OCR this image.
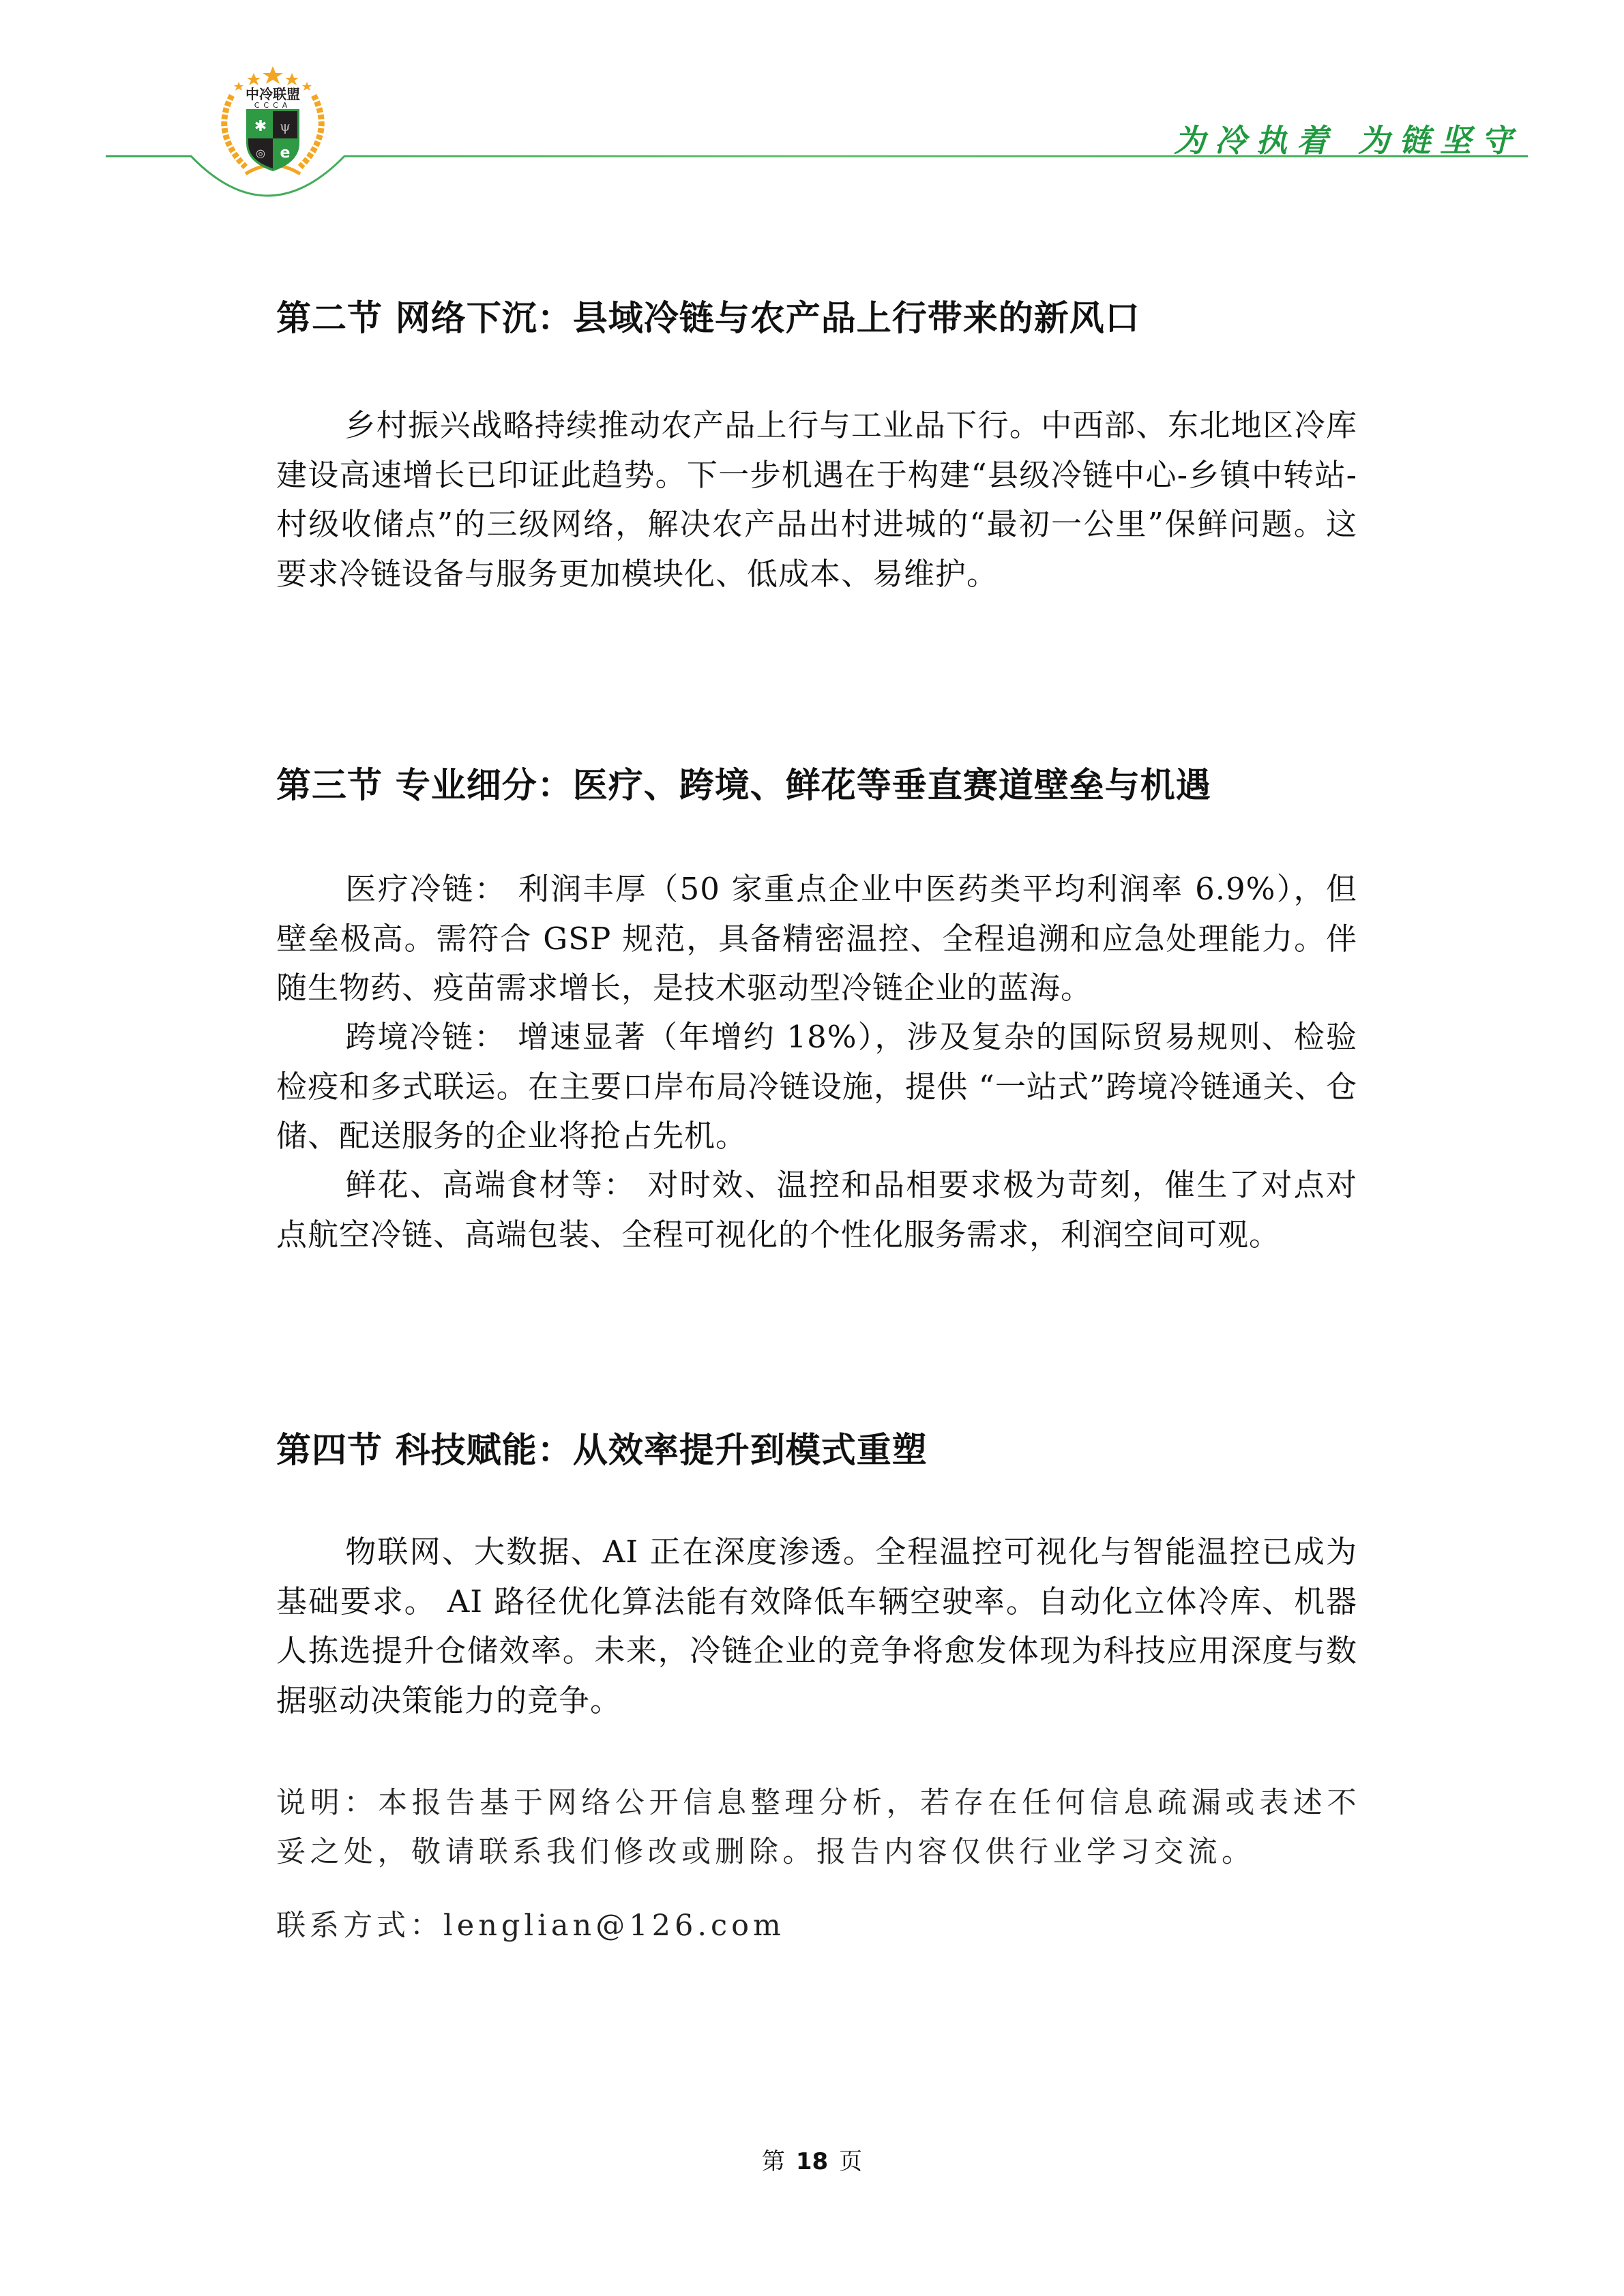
中冷联盟
CCCA
✱ ψ
◎ e	为冷执着 为链坚守
第二节 网络下沉：县域冷链与农产品上行带来的新风口
乡村振兴战略持续推动农产品上行与工业品下行。中西部、东北地区冷库建设高速增长已印证此趋势。下一步机遇在于构建“县级冷链中心-乡镇中转站-村级收储点”的三级网络，解决农产品出村进城的“最初一公里”保鲜问题。这要求冷链设备与服务更加模块化、低成本、易维护。
第三节 专业细分：医疗、跨境、鲜花等垂直赛道壁垒与机遇
医疗冷链： 利润丰厚（50 家重点企业中医药类平均利润率 6.9%），但壁垒极高。需符合 GSP 规范，具备精密温控、全程追溯和应急处理能力。伴随生物药、疫苗需求增长，是技术驱动型冷链企业的蓝海。
跨境冷链： 增速显著（年增约 18%），涉及复杂的国际贸易规则、检验检疫和多式联运。在主要口岸布局冷链设施，提供 “一站式”跨境冷链通关、仓储、配送服务的企业将抢占先机。
鲜花、高端食材等： 对时效、温控和品相要求极为苛刻，催生了对点对点航空冷链、高端包装、全程可视化的个性化服务需求，利润空间可观。
第四节 科技赋能：从效率提升到模式重塑
物联网、大数据、AI 正在深度渗透。全程温控可视化与智能温控已成为基础要求。 AI 路径优化算法能有效降低车辆空驶率。自动化立体冷库、机器人拣选提升仓储效率。未来，冷链企业的竞争将愈发体现为科技应用深度与数据驱动决策能力的竞争。
说明：本报告基于网络公开信息整理分析，若存在任何信息疏漏或表述不妥之处，敬请联系我们修改或删除。报告内容仅供行业学习交流。
联系方式：lenglian@126.com
第 18 页
